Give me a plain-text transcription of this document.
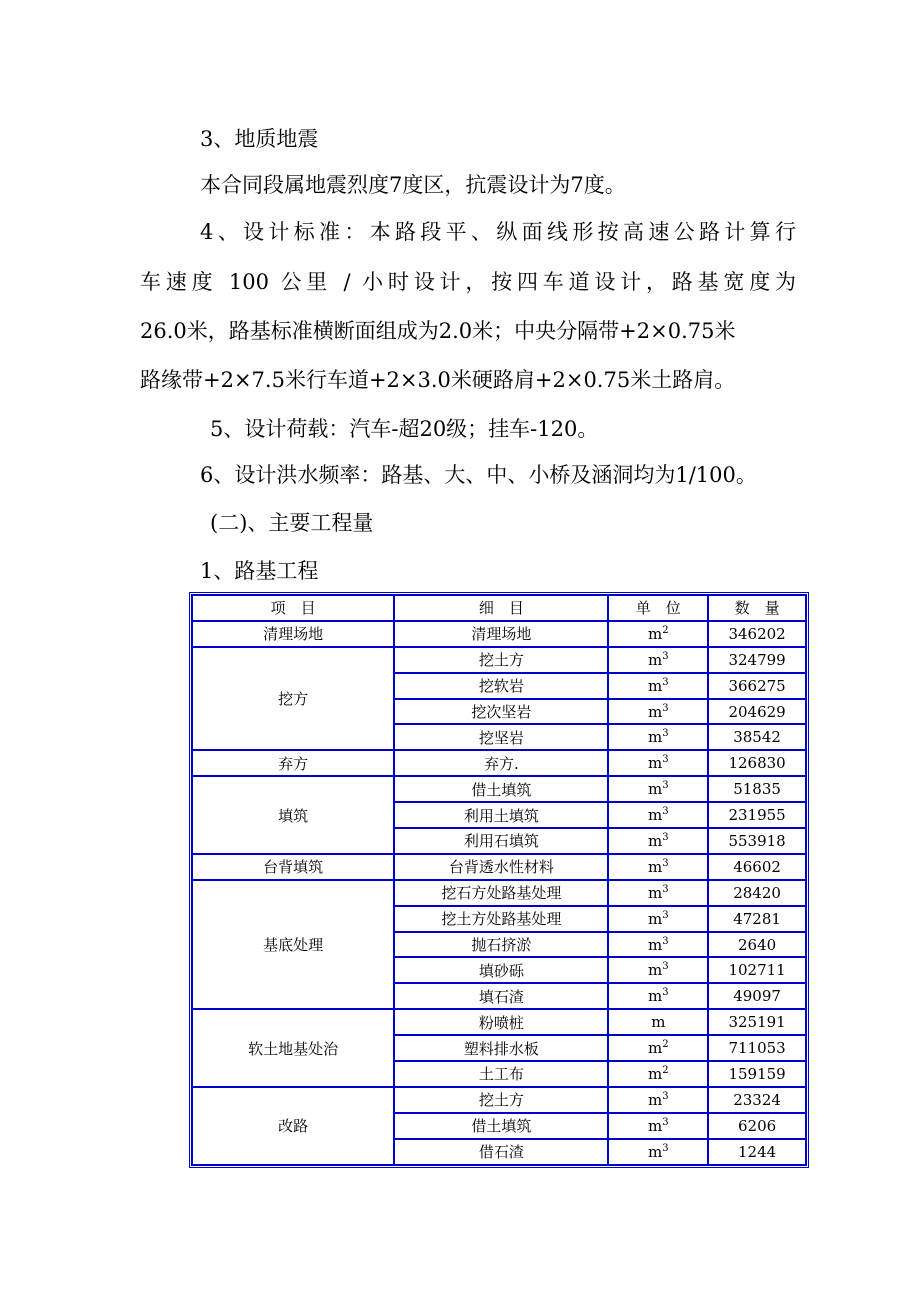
3、地质地震

本合同段属地震烈度7度区，抗震设计为7度。

4、设计标准：本路段平、纵面线形按高速公路计算行

车速度 100 公里 / 小时设计，按四车道设计，路基宽度为

26.0米，路基标准横断面组成为2.0米；中央分隔带+2×0.75米

路缘带+2×7.5米行车道+2×3.0米硬路肩+2×0.75米土路肩。

5、设计荷载：汽车-超20级；挂车-120。

6、设计洪水频率：路基、大、中、小桥及涵洞均为1/100。

(二)、主要工程量

1、路基工程

项　目	细　目	单　位	数　量
清理场地	清理场地	$m^2$	346202
挖方	挖土方	$m^3$	324799
	挖软岩	$m^3$	366275
	挖次坚岩	$m^3$	204629
	挖坚岩	$m^3$	38542
弃方	弃方.	$m^3$	126830
填筑	借土填筑	$m^3$	51835
	利用土填筑	$m^3$	231955
	利用石填筑	$m^3$	553918
台背填筑	台背透水性材料	$m^3$	46602
基底处理	挖石方处路基处理	$m^3$	28420
	挖土方处路基处理	$m^3$	47281
	抛石挤淤	$m^3$	2640
	填砂砾	$m^3$	102711
	填石渣	$m^3$	49097
软土地基处治	粉喷桩	m	325191
	塑料排水板	$m^2$	711053
	土工布	$m^2$	159159
改路	挖土方	$m^3$	23324
	借土填筑	$m^3$	6206
	借石渣	$m^3$	1244
